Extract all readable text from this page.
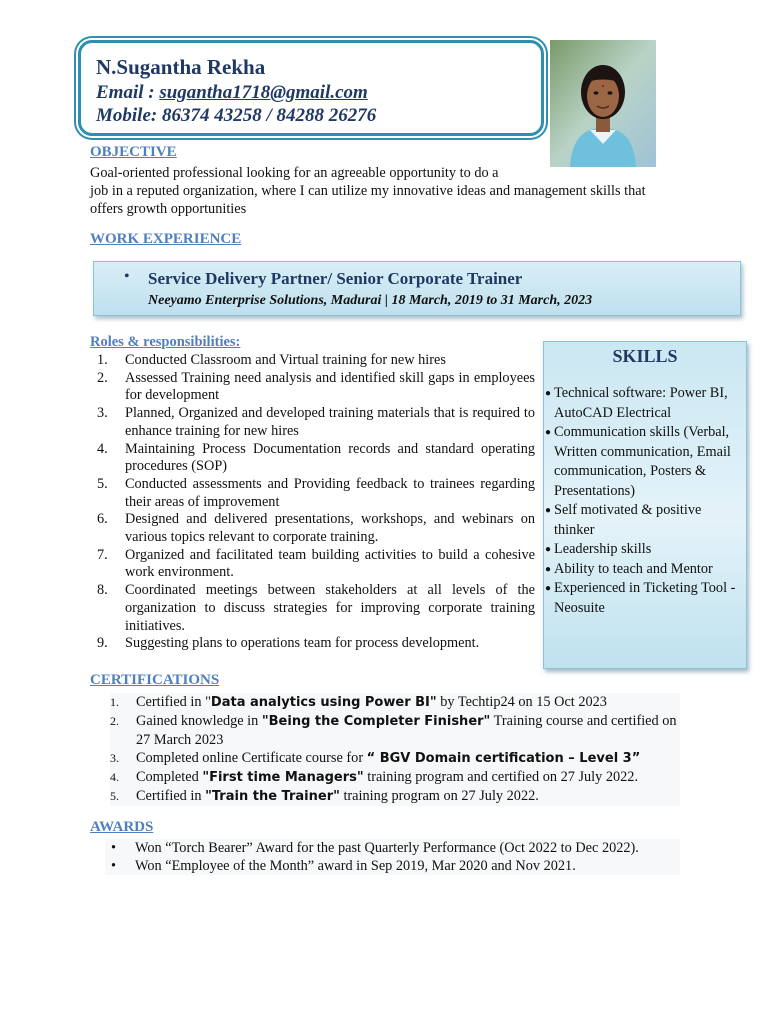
N.Sugantha Rekha
Email : sugantha1718@gmail.com
Mobile: 86374 43258 / 84288 26276
OBJECTIVE
Goal-oriented professional looking for an agreeable opportunity to do a
job in a reputed organization, where I can utilize my innovative ideas and management skills that
offers growth opportunities
WORK EXPERIENCE
• Service Delivery Partner/ Senior Corporate Trainer
Neeyamo Enterprise Solutions, Madurai | 18 March, 2019 to 31 March, 2023
Roles & responsibilities:
1.	Conducted Classroom and Virtual training for new hires
2.	Assessed Training need analysis and identified skill gaps in employees for development
3.	Planned, Organized and developed training materials that is required to enhance training for new hires
4.	Maintaining Process Documentation records and standard operating procedures (SOP)
5.	Conducted assessments and Providing feedback to trainees regarding their areas of improvement
6.	Designed and delivered presentations, workshops, and webinars on various topics relevant to corporate training.
7.	Organized and facilitated team building activities to build a cohesive work environment.
8.	Coordinated meetings between stakeholders at all levels of the organization to discuss strategies for improving corporate training initiatives.
9.	Suggesting plans to operations team for process development.
SKILLS
● Technical software: Power BI, AutoCAD Electrical
● Communication skills (Verbal, Written communication, Email communication, Posters & Presentations)
● Self motivated & positive thinker
● Leadership skills
● Ability to teach and Mentor
● Experienced in Ticketing Tool - Neosuite
CERTIFICATIONS
1.	Certified in "Data analytics using Power BI" by Techtip24 on 15 Oct 2023
2.	Gained knowledge in "Being the Completer Finisher" Training course and certified on 27 March 2023
3.	Completed online Certificate course for “ BGV Domain certification – Level 3”
4.	Completed "First time Managers" training program and certified on 27 July 2022.
5.	Certified in "Train the Trainer" training program on 27 July 2022.
AWARDS
•	Won “Torch Bearer” Award for the past Quarterly Performance (Oct 2022 to Dec 2022).
•	Won “Employee of the Month” award in Sep 2019, Mar 2020 and Nov 2021.
